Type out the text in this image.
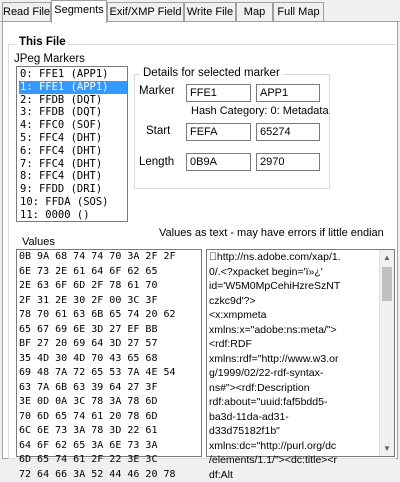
Read File Segments Exif/XMP Field Write File Map	Full Map
This File
JPeg Markers
0: FFE1 (APP1)
1: FFE1 (APP1)
2: FFDB (DQT)
3: FFDB (DQT)
4: FFC0 (SOF)
5: FFC4 (DHT)
6: FFC4 (DHT)
7: FFC4 (DHT)
8: FFC4 (DHT)
9: FFDD (DRI)
10: FFDA (SOS)
11: 0000 ()
Details for selected marker
Marker	FFE1	APP1
Hash Category: 0: Metadata
Start	FEFA	65274
Length	0B9A	2970
Values as text - may have errors if little endian
Values
0B 9A 68 74 74 70 3A 2F 2F
6E 73 2E 61 64 6F 62 65
2E 63 6F 6D 2F 78 61 70
2F 31 2E 30 2F 00 3C 3F
78 70 61 63 6B 65 74 20 62
65 67 69 6E 3D 27 EF BB
BF 27 20 69 64 3D 27 57
35 4D 30 4D 70 43 65 68
69 48 7A 72 65 53 7A 4E 54
63 7A 6B 63 39 64 27 3F
3E 0D 0A 3C 78 3A 78 6D
70 6D 65 74 61 20 78 6D
6C 6E 73 3A 78 3D 22 61
64 6F 62 65 3A 6E 73 3A
6D 65 74 61 2F 22 3E 3C
72 64 66 3A 52 44 46 20 78
 http://ns.adobe.com/xap/1.
0/.<?xpacket begin='ï»¿'
id='W5M0MpCehiHzreSzNT
czkc9d'?>
<x:xmpmeta
xmlns:x="adobe:ns:meta/">
<rdf:RDF
xmlns:rdf="http://www.w3.or
g/1999/02/22-rdf-syntax-
ns#"><rdf:Description
rdf:about="uuid:faf5bdd5-
ba3d-11da-ad31-
d33d75182f1b"
xmlns:dc="http://purl.org/dc
/elements/1.1/"><dc:title><r
df:Alt
▲
▼
